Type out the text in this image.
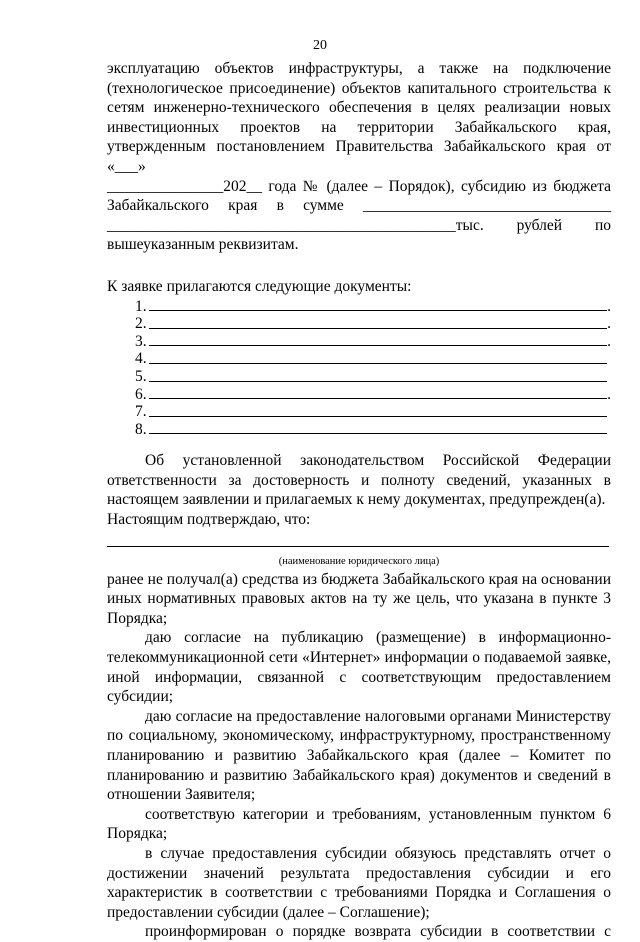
20

эксплуатацию объектов инфраструктуры, а также на подключение
(технологическое присоединение) объектов капитального строительства к
сетям инженерно-технического обеспечения в целях реализации новых
инвестиционных проектов на территории Забайкальского края,
утвержденным постановлением Правительства Забайкальского края от «___»
_______________202__ года № (далее – Порядок), субсидию из бюджета
Забайкальского края в сумме ________________________________
_____________________________________________тыс. рублей по
вышеуказанным реквизитам.

К заявке прилагаются следующие документы:

1.	.
2.	.
3.	.
4.
5.
6.	.
7.
8.

Об установленной законодательством Российской Федерации
ответственности за достоверность и полноту сведений, указанных в
настоящем заявлении и прилагаемых к нему документах, предупрежден(а).

Настоящим подтверждаю, что:

(наименование юридического лица)

ранее не получал(а) средства из бюджета Забайкальского края на основании
иных нормативных правовых актов на ту же цель, что указана в пункте 3
Порядка;

даю согласие на публикацию (размещение) в информационно-
телекоммуникационной сети «Интернет» информации о подаваемой заявке,
иной информации, связанной с соответствующим предоставлением
субсидии;

даю согласие на предоставление налоговыми органами Министерству
по социальному, экономическому, инфраструктурному, пространственному
планированию и развитию Забайкальского края (далее – Комитет по
планированию и развитию Забайкальского края) документов и сведений в
отношении Заявителя;

соответствую категории и требованиям, установленным пунктом 6
Порядка;

в случае предоставления субсидии обязуюсь представлять отчет о
достижении значений результата предоставления субсидии и его
характеристик в соответствии с требованиями Порядка и Соглашения о
предоставлении субсидии (далее – Соглашение);

проинформирован о порядке возврата субсидии в соответствии с
